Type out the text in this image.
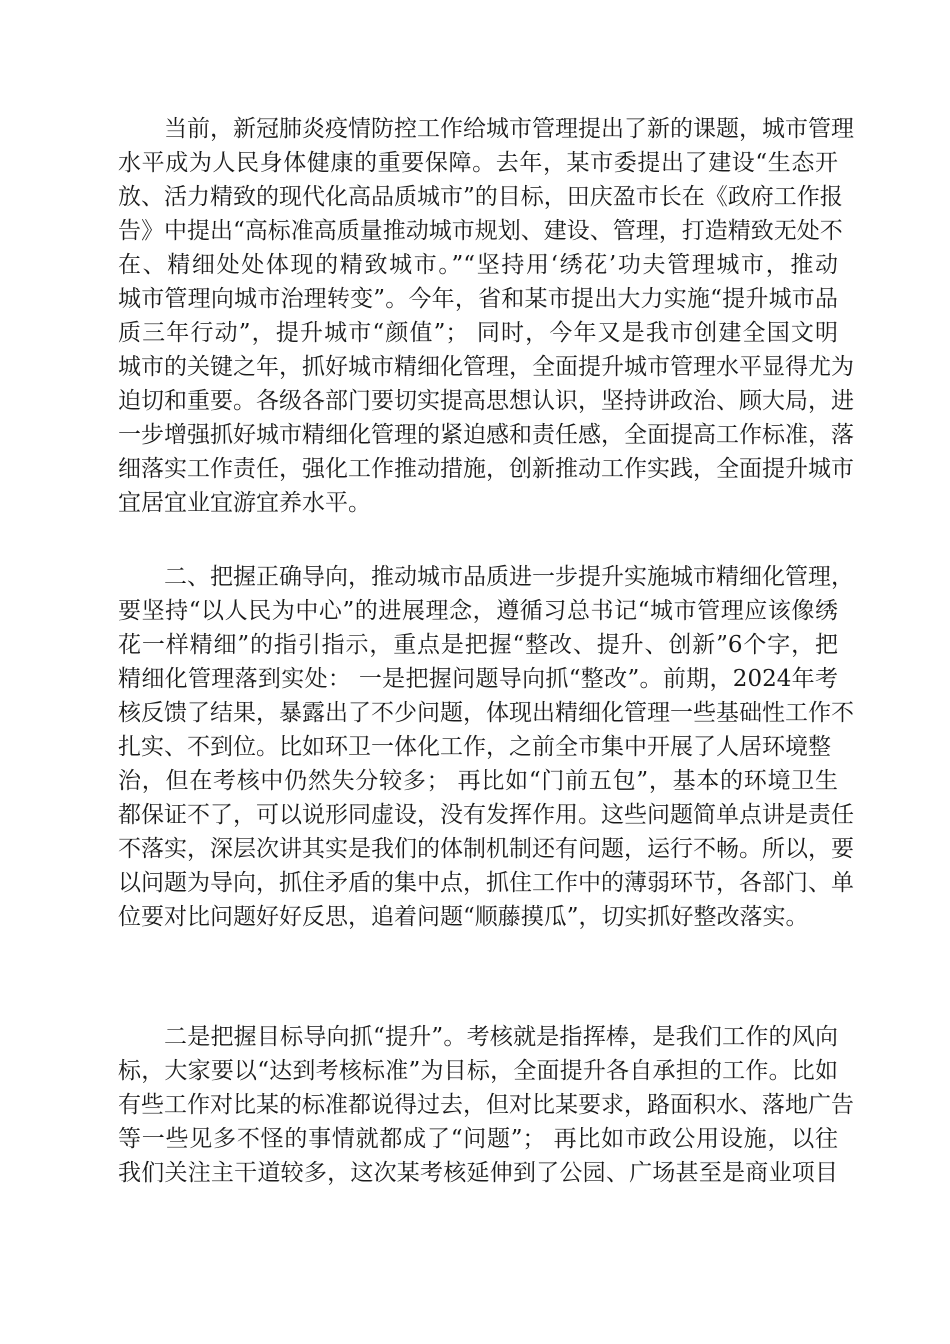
当前，新冠肺炎疫情防控工作给城市管理提出了新的课题，城市管理
水平成为人民身体健康的重要保障。去年，某市委提出了建设“生态开
放、活力精致的现代化高品质城市”的目标，田庆盈市长在《政府工作报
告》中提出“高标准高质量推动城市规划、建设、管理，打造精致无处不
在、精细处处体现的精致城市。”“坚持用‘绣花’功夫管理城市，推动
城市管理向城市治理转变”。今年，省和某市提出大力实施“提升城市品
质三年行动”，提升城市“颜值”； 同时，今年又是我市创建全国文明
城市的关键之年，抓好城市精细化管理，全面提升城市管理水平显得尤为
迫切和重要。各级各部门要切实提高思想认识，坚持讲政治、顾大局，进
一步增强抓好城市精细化管理的紧迫感和责任感，全面提高工作标准，落
细落实工作责任，强化工作推动措施，创新推动工作实践，全面提升城市
宜居宜业宜游宜养水平。
二、把握正确导向，推动城市品质进一步提升实施城市精细化管理，
要坚持“以人民为中心”的进展理念，遵循习总书记“城市管理应该像绣
花一样精细”的指引指示，重点是把握“整改、提升、创新”6个字，把
精细化管理落到实处： 一是把握问题导向抓“整改”。前期，2024年考
核反馈了结果，暴露出了不少问题，体现出精细化管理一些基础性工作不
扎实、不到位。比如环卫一体化工作，之前全市集中开展了人居环境整
治，但在考核中仍然失分较多； 再比如“门前五包”，基本的环境卫生
都保证不了，可以说形同虚设，没有发挥作用。这些问题简单点讲是责任
不落实，深层次讲其实是我们的体制机制还有问题，运行不畅。所以，要
以问题为导向，抓住矛盾的集中点，抓住工作中的薄弱环节，各部门、单
位要对比问题好好反思，追着问题“顺藤摸瓜”，切实抓好整改落实。
二是把握目标导向抓“提升”。考核就是指挥棒，是我们工作的风向
标，大家要以“达到考核标准”为目标，全面提升各自承担的工作。比如
有些工作对比某的标准都说得过去，但对比某要求，路面积水、落地广告
等一些见多不怪的事情就都成了“问题”； 再比如市政公用设施，以往
我们关注主干道较多，这次某考核延伸到了公园、广场甚至是商业项目
